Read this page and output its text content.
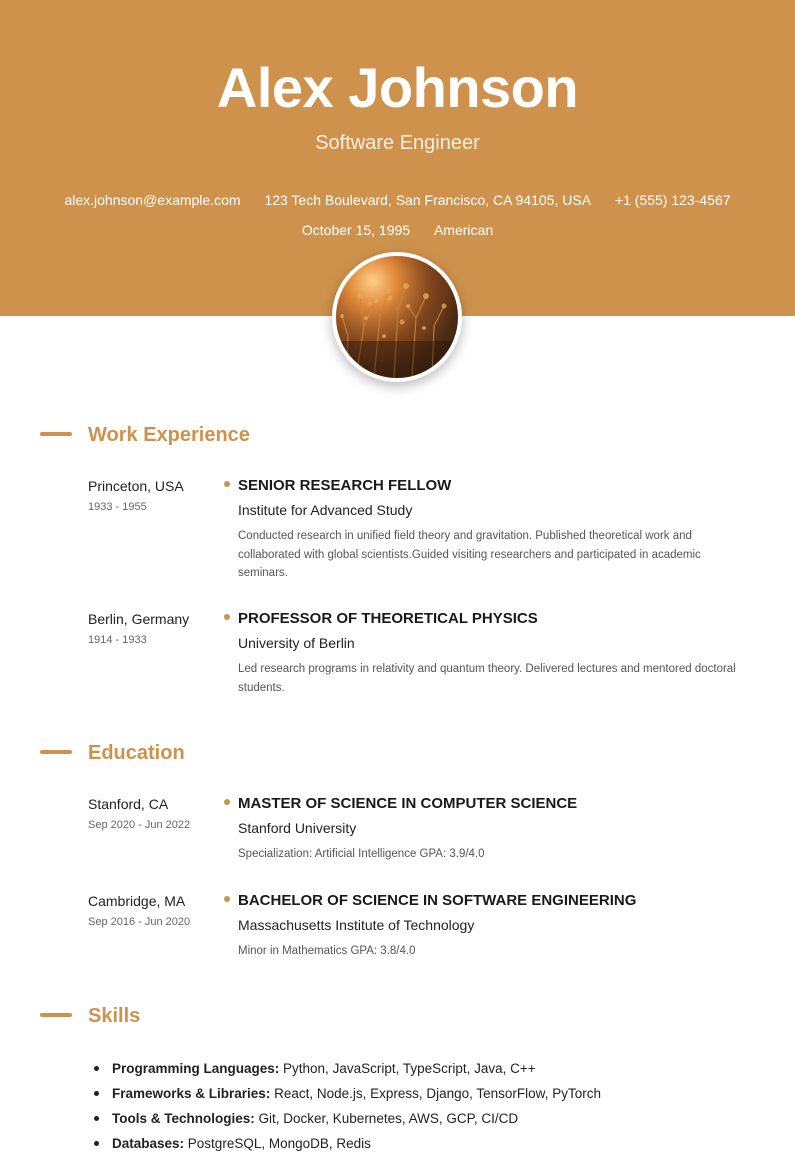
Alex Johnson
Software Engineer
alex.johnson@example.com 123 Tech Boulevard, San Francisco, CA 94105, USA +1 (555) 123-4567
October 15, 1995 American
Work Experience
Princeton, USA
1933 - 1955
SENIOR RESEARCH FELLOW
Institute for Advanced Study
Conducted research in unified field theory and gravitation. Published theoretical work and collaborated with global scientists.Guided visiting researchers and participated in academic seminars.
Berlin, Germany
1914 - 1933
PROFESSOR OF THEORETICAL PHYSICS
University of Berlin
Led research programs in relativity and quantum theory. Delivered lectures and mentored doctoral students.
Education
Stanford, CA
Sep 2020 - Jun 2022
MASTER OF SCIENCE IN COMPUTER SCIENCE
Stanford University
Specialization: Artificial Intelligence GPA: 3.9/4.0
Cambridge, MA
Sep 2016 - Jun 2020
BACHELOR OF SCIENCE IN SOFTWARE ENGINEERING
Massachusetts Institute of Technology
Minor in Mathematics GPA: 3.8/4.0
Skills
Programming Languages: Python, JavaScript, TypeScript, Java, C++
Frameworks & Libraries: React, Node.js, Express, Django, TensorFlow, PyTorch
Tools & Technologies: Git, Docker, Kubernetes, AWS, GCP, CI/CD
Databases: PostgreSQL, MongoDB, Redis
